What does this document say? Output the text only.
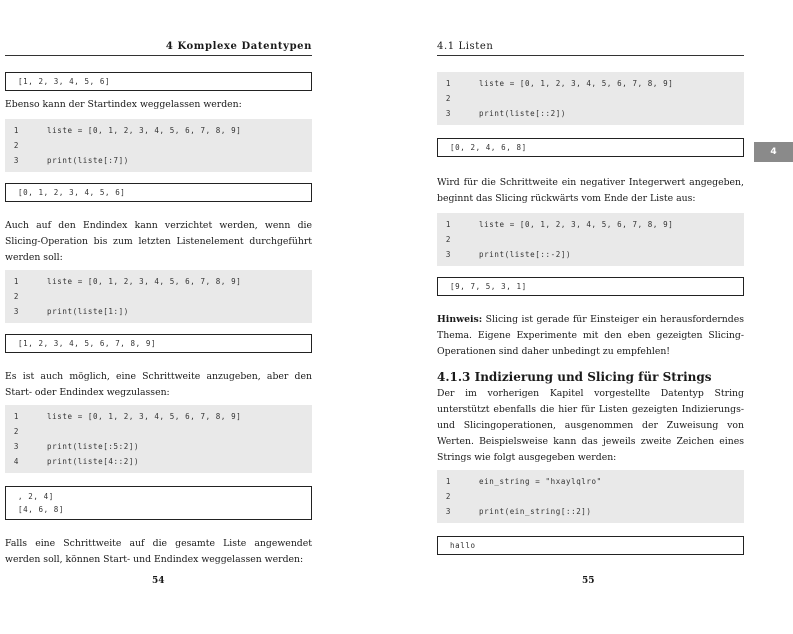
4 Komplexe Datentypen
[1, 2, 3, 4, 5, 6]
Ebenso kann der Startindex weggelassen werden:
1	liste = [0, 1, 2, 3, 4, 5, 6, 7, 8, 9]
2
3	print(liste[:7])
[0, 1, 2, 3, 4, 5, 6]
Auch auf den Endindex kann verzichtet werden, wenn die Slicing-Operation bis zum letzten Listenelement durchgeführt werden soll:
1	liste = [0, 1, 2, 3, 4, 5, 6, 7, 8, 9]
2
3	print(liste[1:])
[1, 2, 3, 4, 5, 6, 7, 8, 9]
Es ist auch möglich, eine Schrittweite anzugeben, aber den Start- oder Endindex wegzulassen:
1	liste = [0, 1, 2, 3, 4, 5, 6, 7, 8, 9]
2
3	print(liste[:5:2])
4	print(liste[4::2])
, 2, 4]
[4, 6, 8]
Falls eine Schrittweite auf die gesamte Liste angewendet werden soll, können Start- und Endindex weggelassen werden:
54
4.1 Listen
1	liste = [0, 1, 2, 3, 4, 5, 6, 7, 8, 9]
2
3	print(liste[::2])
[0, 2, 4, 6, 8]
Wird für die Schrittweite ein negativer Integerwert angegeben, beginnt das Slicing rückwärts vom Ende der Liste aus:
1	liste = [0, 1, 2, 3, 4, 5, 6, 7, 8, 9]
2
3	print(liste[::-2])
[9, 7, 5, 3, 1]
Hinweis: Slicing ist gerade für Einsteiger ein herausforderndes Thema. Eigene Experimente mit den eben gezeigten Slicing-Operationen sind daher unbedingt zu empfehlen!
4.1.3 Indizierung und Slicing für Strings
Der im vorherigen Kapitel vorgestellte Datentyp String unterstützt ebenfalls die hier für Listen gezeigten Indizierungs- und Slicingoperationen, ausgenommen der Zuweisung von Werten. Beispielsweise kann das jeweils zweite Zeichen eines Strings wie folgt ausgegeben werden:
1	ein_string = "hxaylqlro"
2
3	print(ein_string[::2])
hallo
55
4
